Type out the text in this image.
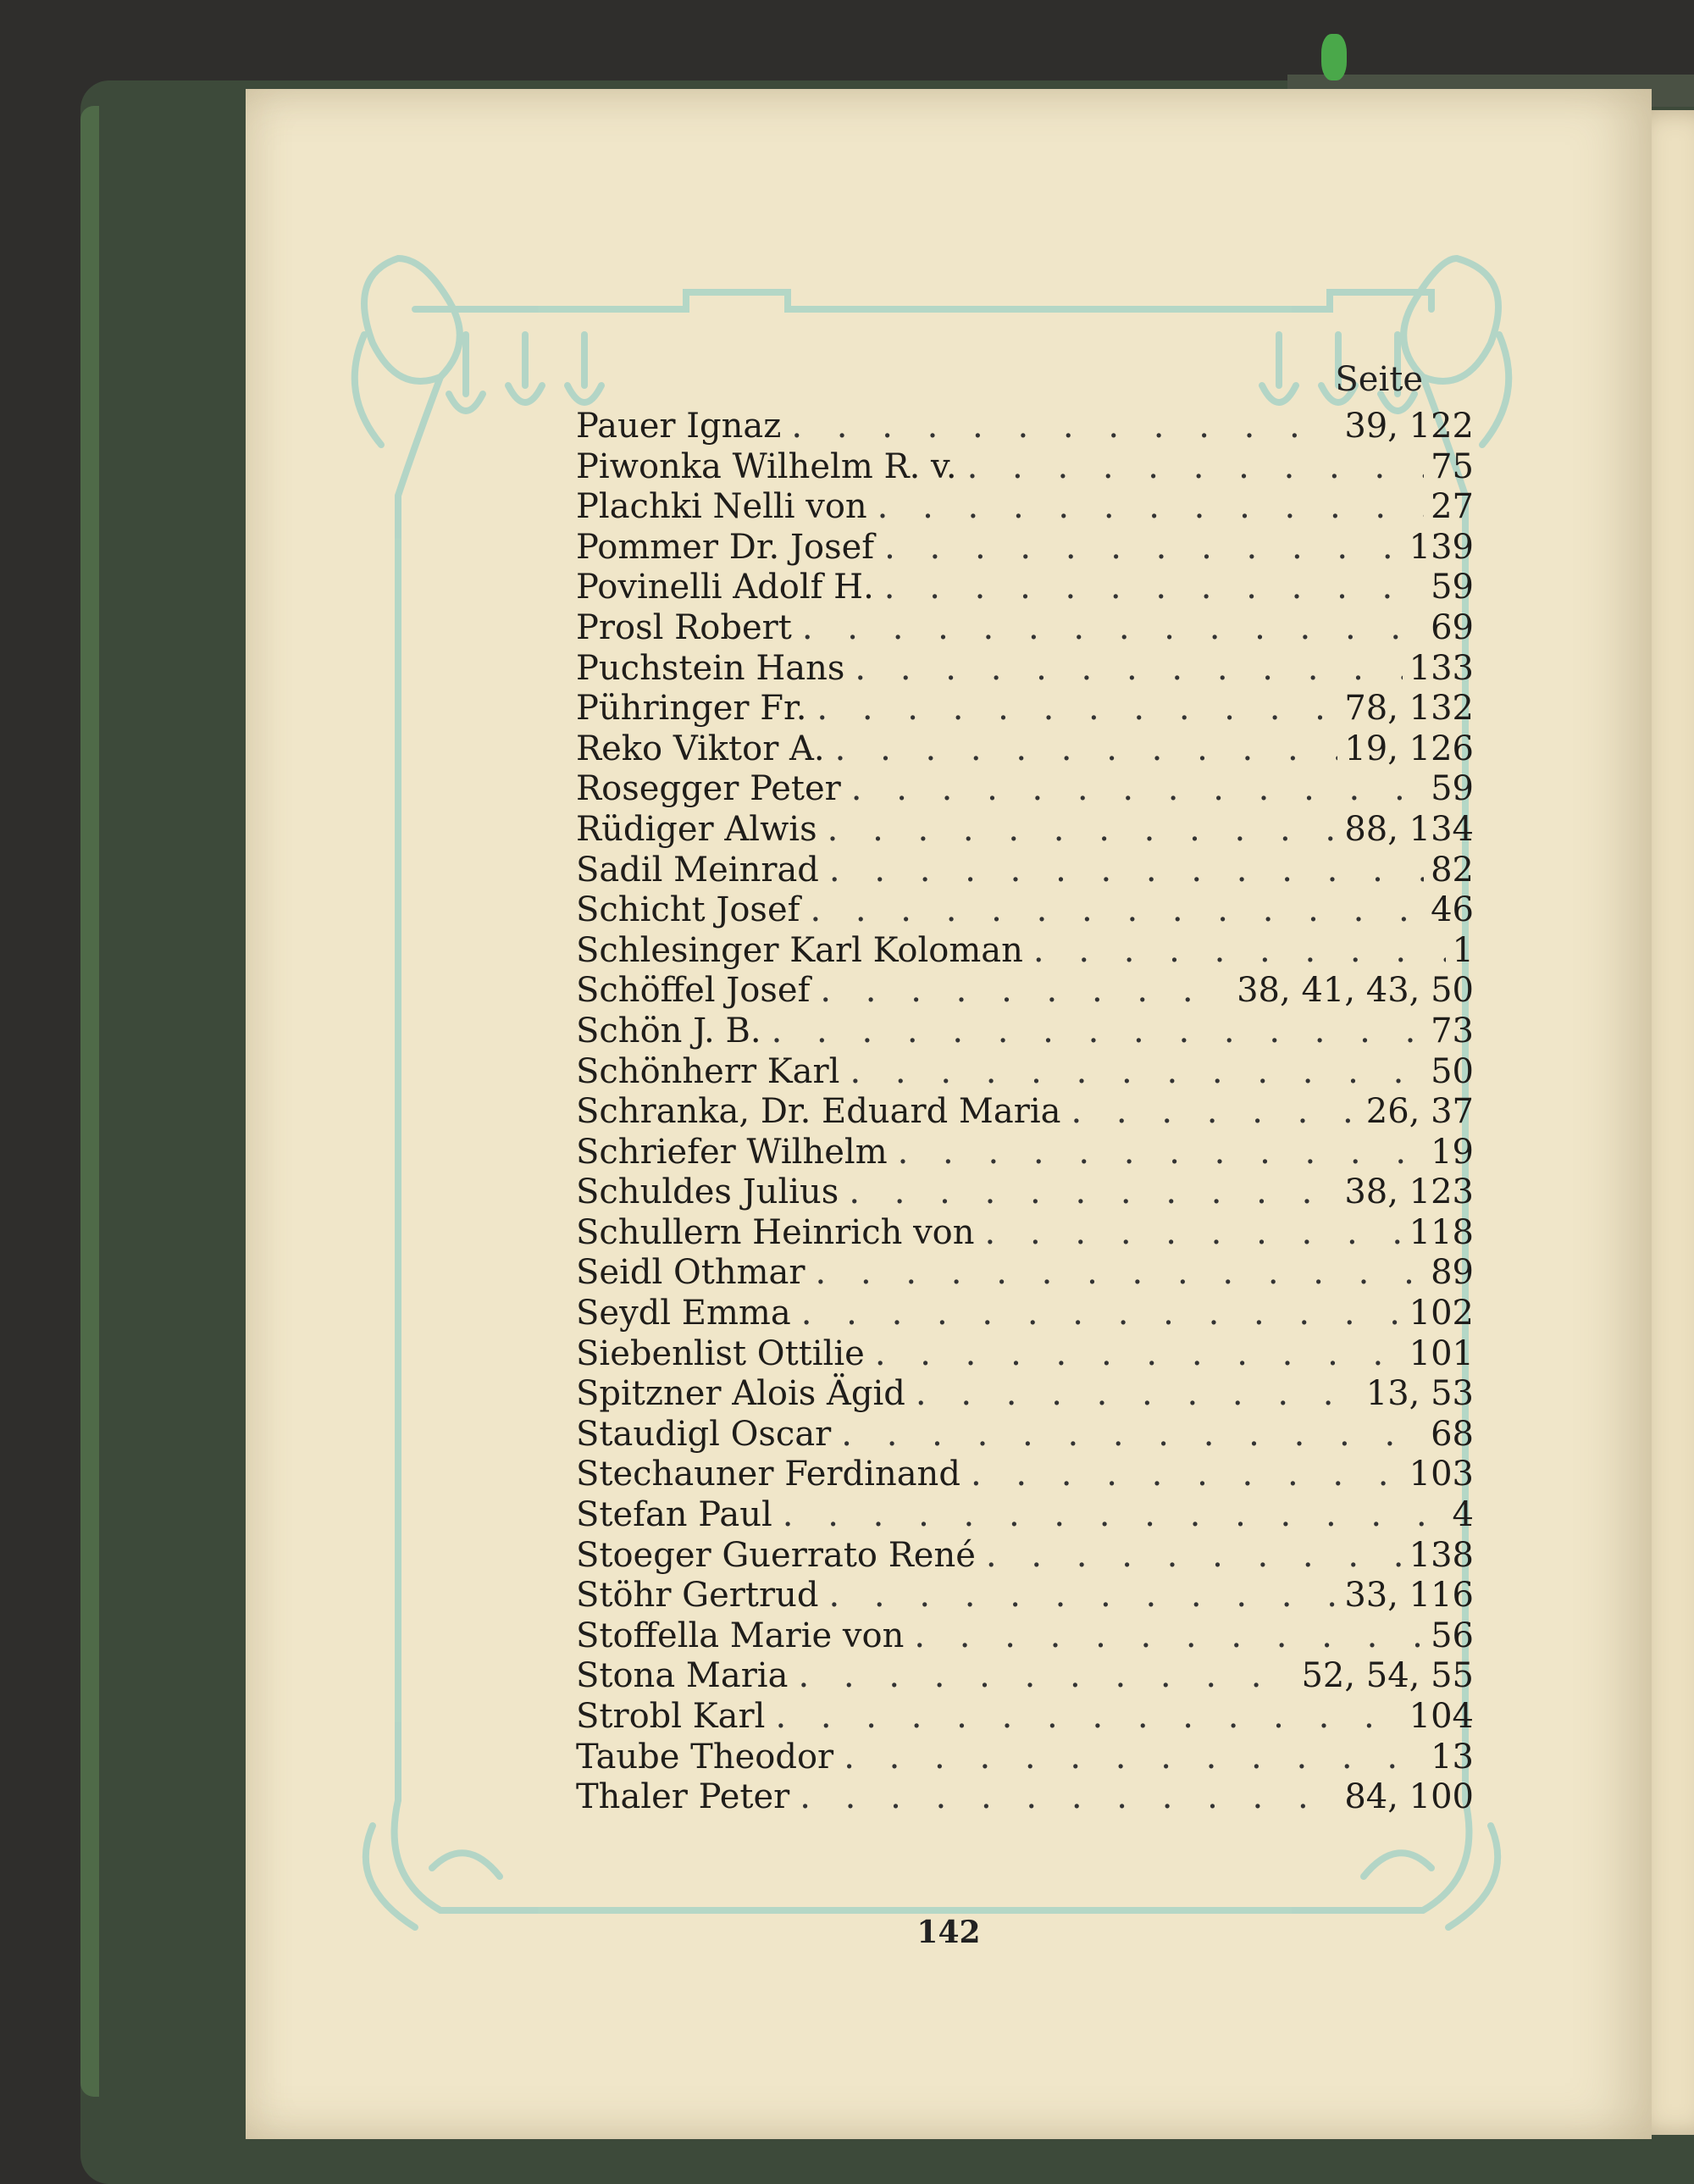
Seite
Pauer Ignaz . . .	39, 122
Piwonka Wilhelm R. v. . . .	75
Plachki Nelli von . . .	27
Pommer Dr. Josef . . .	139
Povinelli Adolf H. . . .	59
Prosl Robert . . .	69
Puchstein Hans . . .	133
Pühringer Fr. . . .	78, 132
Reko Viktor A. . . .	19, 126
Rosegger Peter . . .	59
Rüdiger Alwis . . .	88, 134
Sadil Meinrad . . .	82
Schicht Josef . . .	46
Schlesinger Karl Koloman . . .	1
Schöffel Josef . . .	38, 41, 43, 50
Schön J. B. . . .	73
Schönherr Karl . . .	50
Schranka, Dr. Eduard Maria . . .	26, 37
Schriefer Wilhelm . . .	19
Schuldes Julius . . .	38, 123
Schullern Heinrich von . . .	118
Seidl Othmar . . .	89
Seydl Emma . . .	102
Siebenlist Ottilie . . .	101
Spitzner Alois Ägid . . .	13, 53
Staudigl Oscar . . .	68
Stechauner Ferdinand . . .	103
Stefan Paul . . .	4
Stoeger Guerrato René . . .	138
Stöhr Gertrud . . .	33, 116
Stoffella Marie von . . .	56
Stona Maria . . .	52, 54, 55
Strobl Karl . . .	104
Taube Theodor . . .	13
Thaler Peter . . .	84, 100
142
